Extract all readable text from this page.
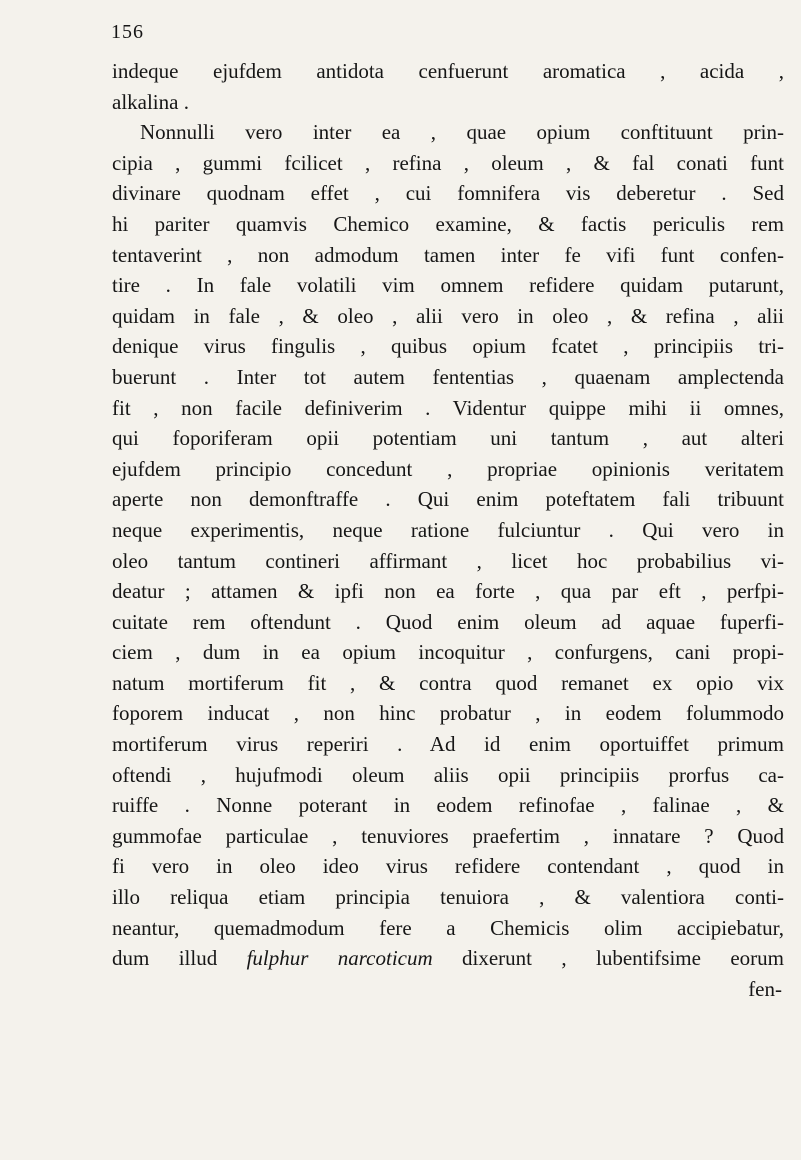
156
indeque ejufdem antidota cenfuerunt aromatica , acida ,
alkalina .
Nonnulli vero inter ea , quae opium conftituunt prin-
cipia , gummi fcilicet , refina , oleum , & fal conati funt
divinare quodnam effet , cui fomnifera vis deberetur . Sed
hi pariter quamvis Chemico examine, & factis periculis rem
tentaverint , non admodum tamen inter fe vifi funt confen-
tire . In fale volatili vim omnem refidere quidam putarunt,
quidam in fale , & oleo , alii vero in oleo , & refina , alii
denique virus fingulis , quibus opium fcatet , principiis tri-
buerunt . Inter tot autem fententias , quaenam amplectenda
fit , non facile definiverim . Videntur quippe mihi ii omnes,
qui foporiferam opii potentiam uni tantum , aut alteri
ejufdem principio concedunt , propriae opinionis veritatem
aperte non demonftraffe . Qui enim poteftatem fali tribuunt
neque experimentis, neque ratione fulciuntur . Qui vero in
oleo tantum contineri affirmant , licet hoc probabilius vi-
deatur ; attamen & ipfi non ea forte , qua par eft , perfpi-
cuitate rem oftendunt . Quod enim oleum ad aquae fuperfi-
ciem , dum in ea opium incoquitur , confurgens, cani propi-
natum mortiferum fit , & contra quod remanet ex opio vix
foporem inducat , non hinc probatur , in eodem folummodo
mortiferum virus reperiri . Ad id enim oportuiffet primum
oftendi , hujufmodi oleum aliis opii principiis prorfus ca-
ruiffe . Nonne poterant in eodem refinofae , falinae , &
gummofae particulae , tenuviores praefertim , innatare ? Quod
fi vero in oleo ideo virus refidere contendant , quod in
illo reliqua etiam principia tenuiora , & valentiora conti-
neantur, quemadmodum fere a Chemicis olim accipiebatur,
dum illud fulphur narcoticum dixerunt , lubentifsime eorum
fen-
